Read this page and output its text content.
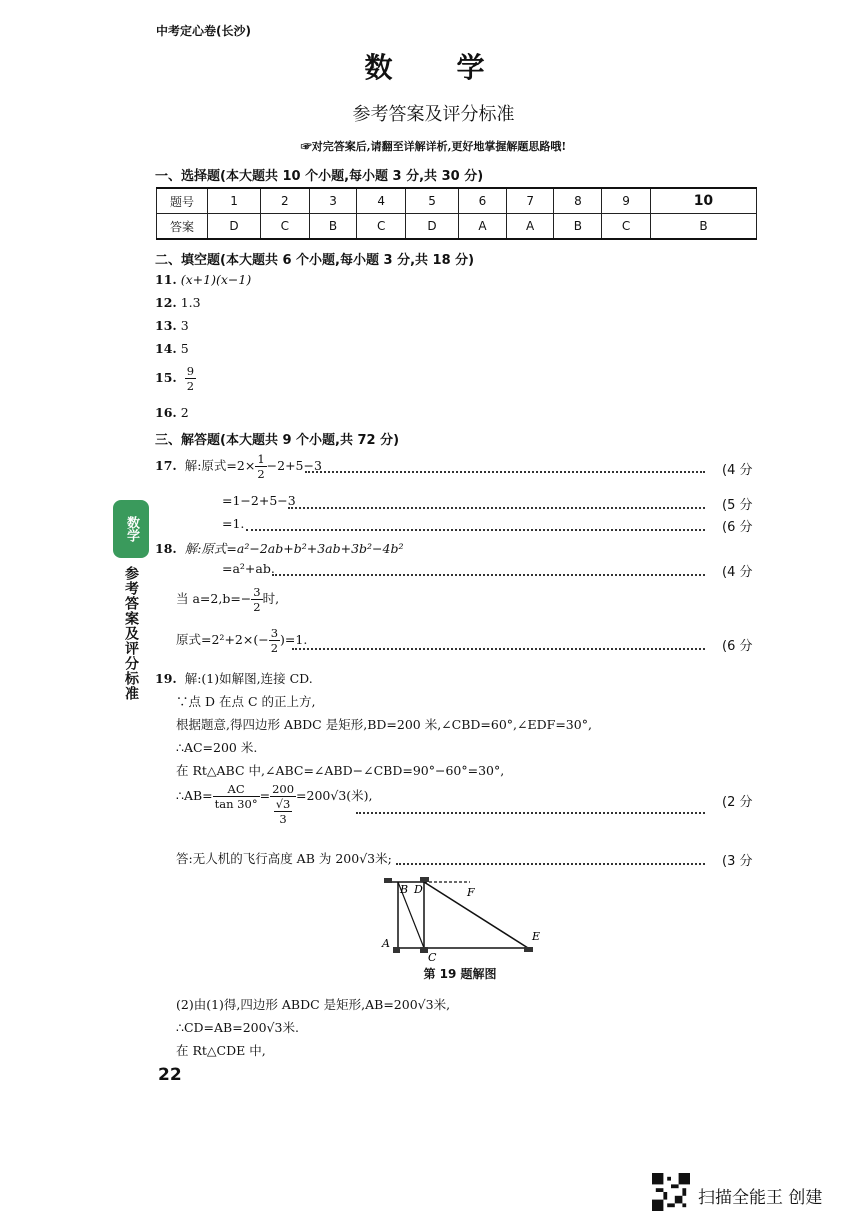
中考定心卷(长沙)
数　学
参考答案及评分标准
☞对完答案后,请翻至详解详析,更好地掌握解题思路哦!
一、选择题(本大题共 10 个小题,每小题 3 分,共 30 分)
题号	1	2	3	4	5	6	7	8	9	10
答案	D	C	B	C	D	A	A	B	C	B
二、填空题(本大题共 6 个小题,每小题 3 分,共 18 分)
11. (x+1)(x−1)
12. 1.3
13. 3
14. 5
15. $\frac{9}{2}$
16. 2
三、解答题(本大题共 9 个小题,共 72 分)
17. 解:原式$=2\times \frac{1}{2} -2+5-3$	(4 分
=1−2+5−3	(5 分
=1.	(6 分
18. 解:原式=a²−2ab+b²+3ab+3b²−4b²
=a²+ab.	(4 分
当 $a=2,b=- \frac{3}{2}$ 时,
原式$=2^2+2\times(- \frac{3}{2} )=1$.	(6 分
19. 解:(1)如解图,连接 CD.
∵点 D 在点 C 的正上方,
根据题意,得四边形 ABDC 是矩形,BD=200 米,∠CBD=60°,∠EDF=30°,
∴AC=200 米.
在 Rt△ABC 中,∠ABC=∠ABD−∠CBD=90°−60°=30°,
∴AB= $\frac{AC}{\tan 30^\circ} = \frac{200}{\frac{√3}{3}} =200√3$(米),	(2 分
答:无人机的飞行高度 AB 为 200√3米;	(3 分
B D	F
A
C
E
第 19 题解图
(2)由(1)得,四边形 ABDC 是矩形,AB=200√3米,
∴CD=AB=200√3米.
在 Rt△CDE 中,
数学
参考答案及评分标准
22
扫描全能王 创建
